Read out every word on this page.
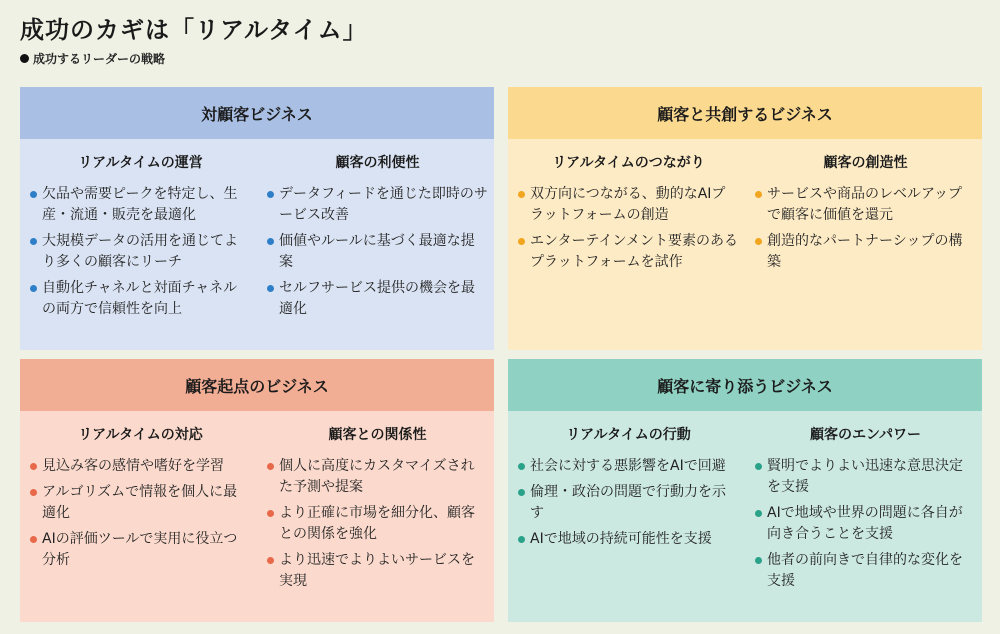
成功のカギは「リアルタイム」
成功するリーダーの戦略
対顧客ビジネス
リアルタイムの運営
欠品や需要ピークを特定し、生産・流通・販売を最適化
大規模データの活用を通じてより多くの顧客にリーチ
自動化チャネルと対面チャネルの両方で信頼性を向上
顧客の利便性
データフィードを通じた即時のサービス改善
価値やルールに基づく最適な提案
セルフサービス提供の機会を最適化
顧客と共創するビジネス
リアルタイムのつながり
双方向につながる、動的なAIプラットフォームの創造
エンターテインメント要素のあるプラットフォームを試作
顧客の創造性
サービスや商品のレベルアップで顧客に価値を還元
創造的なパートナーシップの構築
顧客起点のビジネス
リアルタイムの対応
見込み客の感情や嗜好を学習
アルゴリズムで情報を個人に最適化
AIの評価ツールで実用に役立つ分析
顧客との関係性
個人に高度にカスタマイズされた予測や提案
より正確に市場を細分化、顧客との関係を強化
より迅速でよりよいサービスを実現
顧客に寄り添うビジネス
リアルタイムの行動
社会に対する悪影響をAIで回避
倫理・政治の問題で行動力を示す
AIで地域の持続可能性を支援
顧客のエンパワー
賢明でよりよい迅速な意思決定を支援
AIで地域や世界の問題に各自が向き合うことを支援
他者の前向きで自律的な変化を支援
